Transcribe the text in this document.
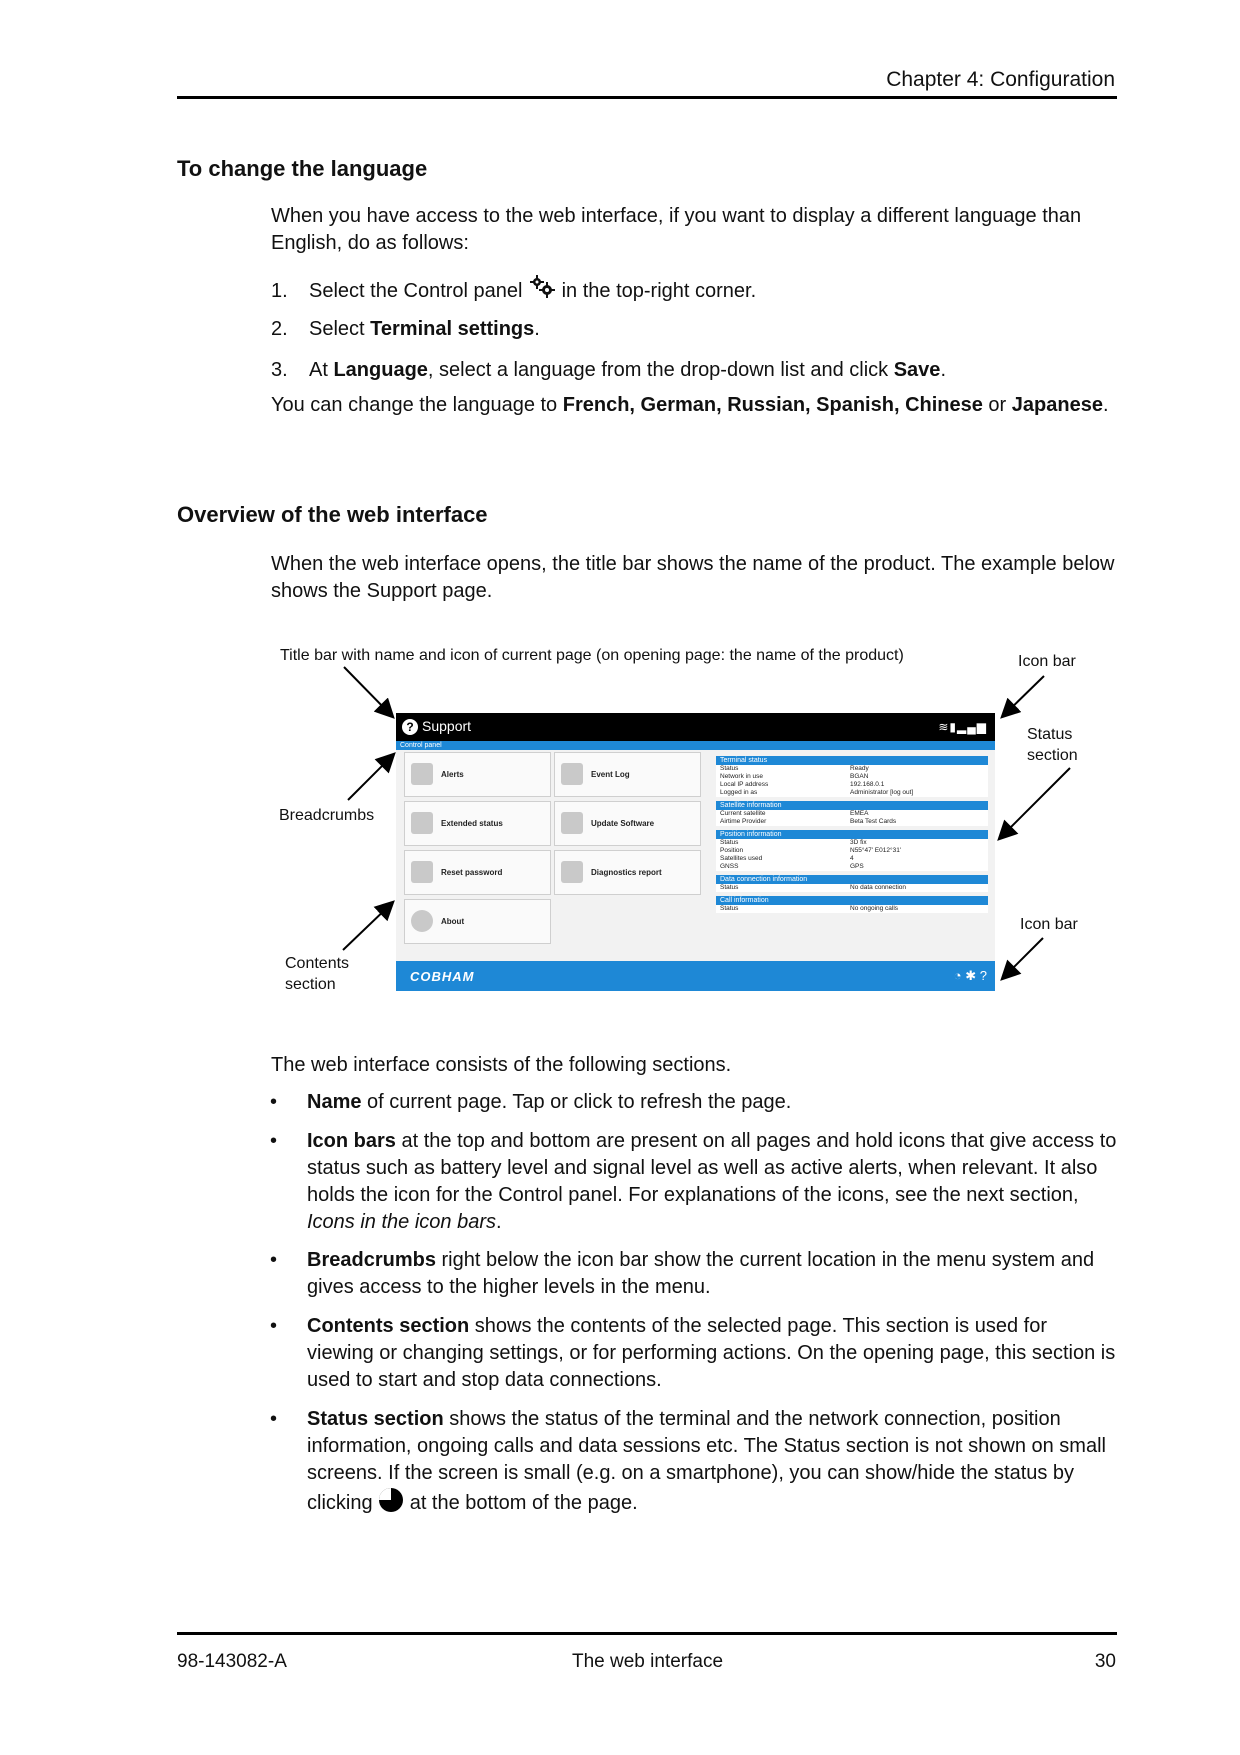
Chapter 4: Configuration
To change the language
When you have access to the web interface, if you want to display a different language than English, do as follows:
1. Select the Control panel in the top-right corner.
2. Select Terminal settings.
3. At Language, select a language from the drop-down list and click Save.
You can change the language to French, German, Russian, Spanish, Chinese or Japanese.
Overview of the web interface
When the web interface opens, the title bar shows the name of the product. The example below shows the Support page.
Title bar with name and icon of current page (on opening page: the name of the product)	Icon bar
Status section
Breadcrumbs
Icon bar
Contents section
? Support	≋▮▂▄▆
Control panel
Alerts	Event Log
Extended status	Update Software
Reset password	Diagnostics report
About
Terminal status
Status	Ready
Network in use	BGAN
Local IP address	192.168.0.1
Logged in as	Administrator [log out]
Satellite information
Current satellite	EMEA
Airtime Provider	Beta Test Cards
Position information
Status	3D fix
Position	N55°47' E012°31'
Satellites used	4
GNSS	GPS
Data connection information
Status	No data connection
Call information
Status	No ongoing calls
COBHAM	◔ ✱ ?
The web interface consists of the following sections.
• Name of current page. Tap or click to refresh the page.
• Icon bars at the top and bottom are present on all pages and hold icons that give access to status such as battery level and signal level as well as active alerts, when relevant. It also holds the icon for the Control panel. For explanations of the icons, see the next section, Icons in the icon bars.
• Breadcrumbs right below the icon bar show the current location in the menu system and gives access to the higher levels in the menu.
• Contents section shows the contents of the selected page. This section is used for viewing or changing settings, or for performing actions. On the opening page, this section is used to start and stop data connections.
• Status section shows the status of the terminal and the network connection, position information, ongoing calls and data sessions etc. The Status section is not shown on small screens. If the screen is small (e.g. on a smartphone), you can show/hide the status by clicking  at the bottom of the page.
98-143082-A	The web interface	30
